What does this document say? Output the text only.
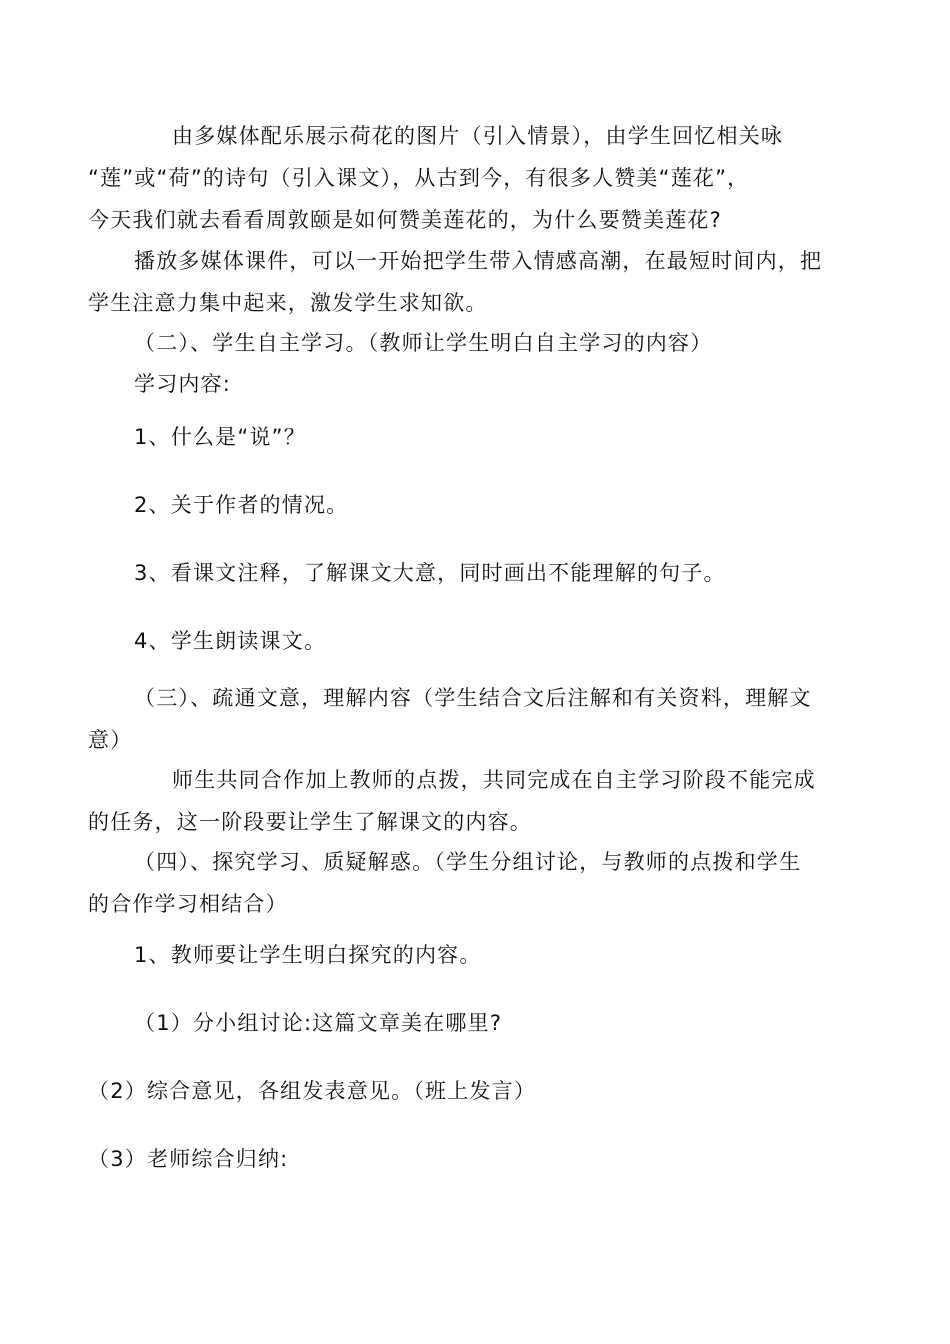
由多媒体配乐展示荷花的图片（引入情景），由学生回忆相关咏
“莲”或“荷”的诗句（引入课文），从古到今，有很多人赞美“莲花”，
今天我们就去看看周敦颐是如何赞美莲花的，为什么要赞美莲花?
播放多媒体课件，可以一开始把学生带入情感高潮，在最短时间内，把
学生注意力集中起来，激发学生求知欲。
（二）、学生自主学习。（教师让学生明白自主学习的内容）
学习内容:
1、什么是“说”？
2、关于作者的情况。
3、看课文注释，了解课文大意，同时画出不能理解的句子。
4、学生朗读课文。
（三）、疏通文意，理解内容（学生结合文后注解和有关资料，理解文
意）
师生共同合作加上教师的点拨，共同完成在自主学习阶段不能完成
的任务，这一阶段要让学生了解课文的内容。
（四）、探究学习、质疑解惑。（学生分组讨论，与教师的点拨和学生
的合作学习相结合）
1、教师要让学生明白探究的内容。
（1）分小组讨论:这篇文章美在哪里?
（2）综合意见，各组发表意见。（班上发言）
（3）老师综合归纳:
